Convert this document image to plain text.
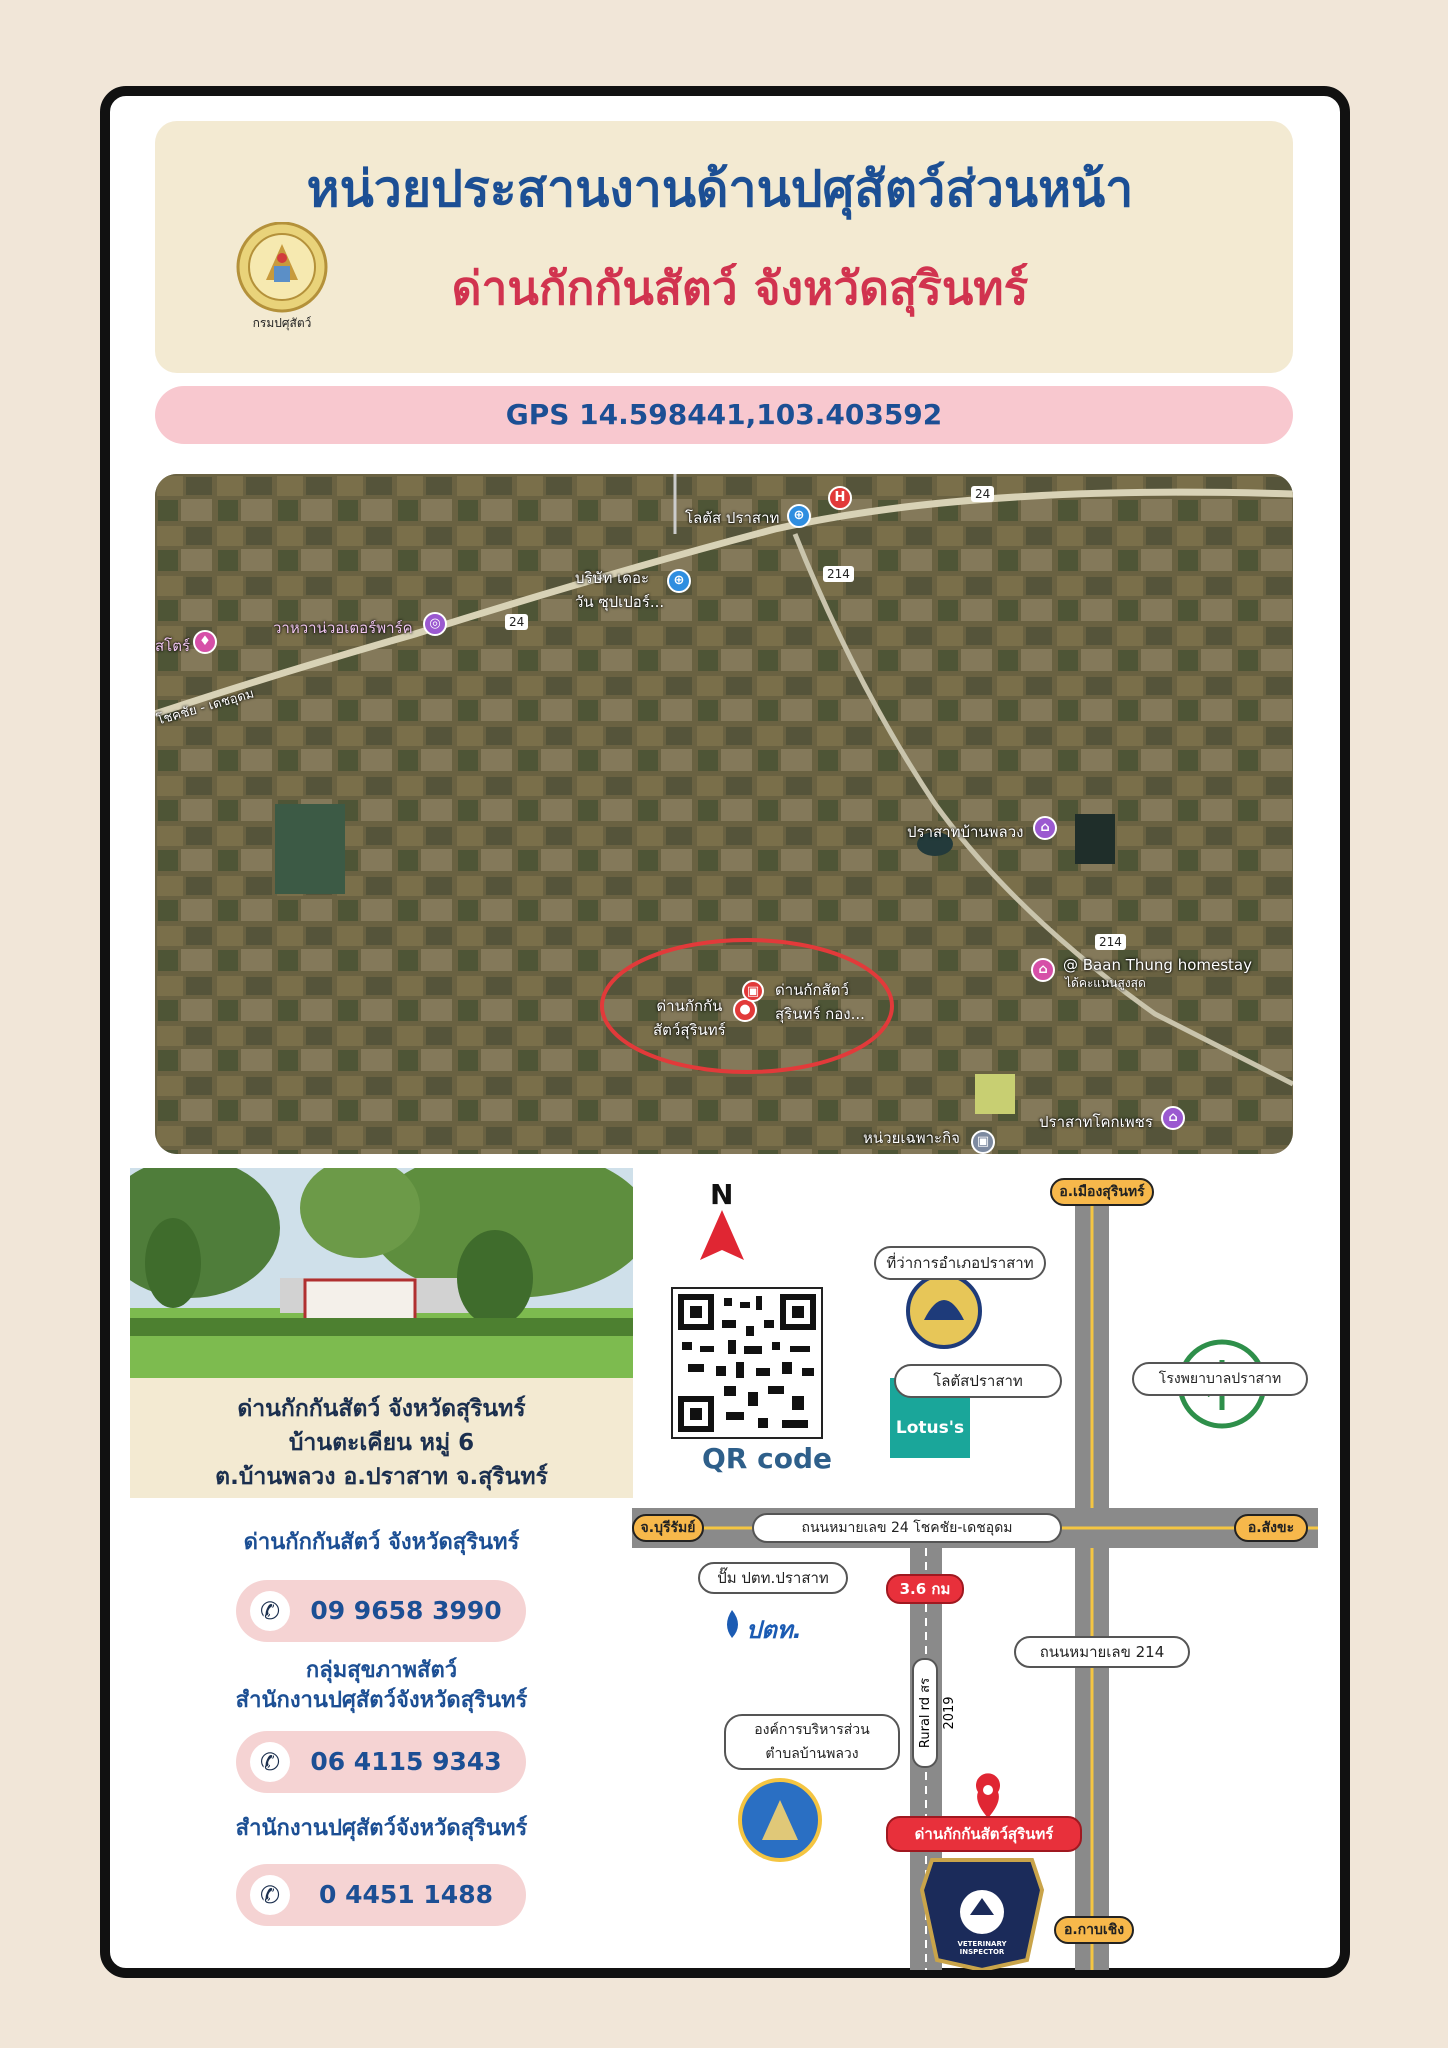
กรมปศุสัตว์
หน่วยประสานงานด้านปศุสัตว์ส่วนหน้า
ด่านกักกันสัตว์ จังหวัดสุรินทร์
GPS 14.598441,103.403592
⊕
H
โลตัส ปราสาท
⊕
บริษัท เดอะ
วัน ซุปเปอร์...
◎
วาหวาน่วอเตอร์พาร์ค
♦
สโตร์
โชคชัย - เดชอุดม
24
214
24
214
⌂
ปราสาทบ้านพลวง
⌂	@ Baan Thung homestay
ได้คะแนนสูงสุด
●
▣
ด่านกักกัน
สัตว์สุรินทร์
ด่านกักสัตว์
สุรินทร์ กอง...
▣
หน่วยเฉพาะกิจ
⌂
ปราสาทโคกเพชร
ด่านกักกันสัตว์ จังหวัดสุรินทร์
บ้านตะเคียน หมู่ 6
ต.บ้านพลวง อ.ปราสาท จ.สุรินทร์
ด่านกักกันสัตว์ จังหวัดสุรินทร์
✆	09 9658 3990
กลุ่มสุขภาพสัตว์
สำนักงานปศุสัตว์จังหวัดสุรินทร์
✆	06 4115 9343
สำนักงานปศุสัตว์จังหวัดสุรินทร์
✆	0 4451 1488
N
QR code
อ.เมืองสุรินทร์
ที่ว่าการอำเภอปราสาท
โลตัสปราสาท
Lotus's
โรงพยาบาลปราสาท
ถนนหมายเลข 24 โชคชัย-เดชอุดม
จ.บุรีรัมย์	อ.สังขะ
ปั๊ม ปตท.ปราสาท
ปตท.
3.6 กม
Rural rd สร 2019
ถนนหมายเลข 214
องค์การบริหารส่วน
ตำบลบ้านพลวง
ด่านกักกันสัตว์สุรินทร์
VETERINARY INSPECTOR
อ.กาบเชิง
